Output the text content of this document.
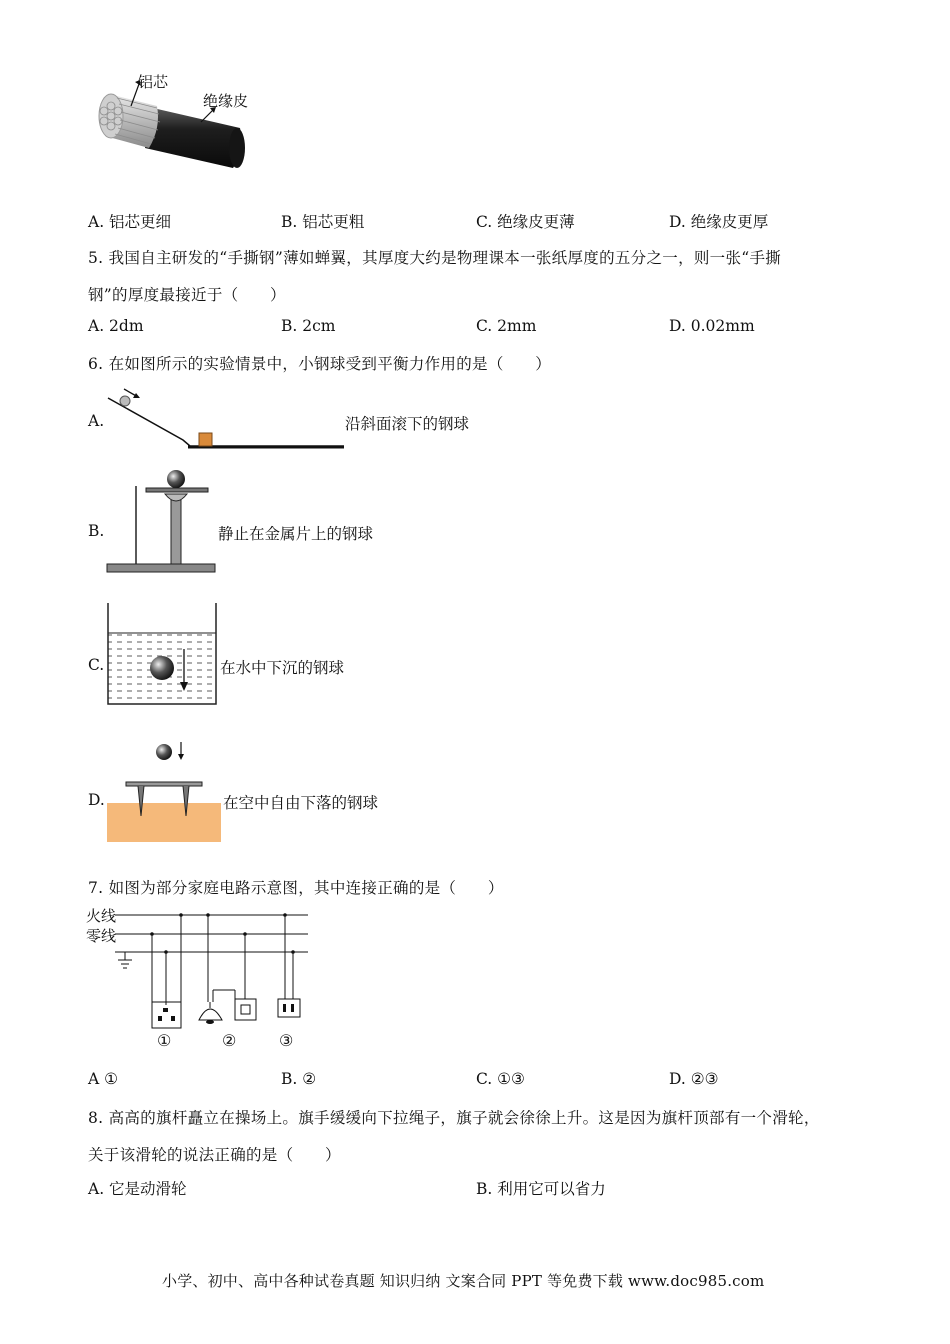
铝芯
绝缘皮
A. 铝芯更细	B. 铝芯更粗	C. 绝缘皮更薄	D. 绝缘皮更厚
5. 我国自主研发的“手撕钢”薄如蝉翼，其厚度大约是物理课本一张纸厚度的五分之一，则一张“手撕
钢”的厚度最接近于（　　）
A. 2dm	B. 2cm	C. 2mm	D. 0.02mm
6. 在如图所示的实验情景中，小钢球受到平衡力作用的是（　　）
A.	沿斜面滚下的钢球
B.	静止在金属片上的钢球
C.	在水中下沉的钢球
D.	在空中自由下落的钢球
7. 如图为部分家庭电路示意图，其中连接正确的是（　　）
火线
零线
①	②	③
A ①	B. ②	C. ①③	D. ②③
8. 高高的旗杆矗立在操场上。旗手缓缓向下拉绳子，旗子就会徐徐上升。这是因为旗杆顶部有一个滑轮，
关于该滑轮的说法正确的是（　　）
A. 它是动滑轮	B. 利用它可以省力
小学、初中、高中各种试卷真题 知识归纳 文案合同 PPT 等免费下载 www.doc985.com
